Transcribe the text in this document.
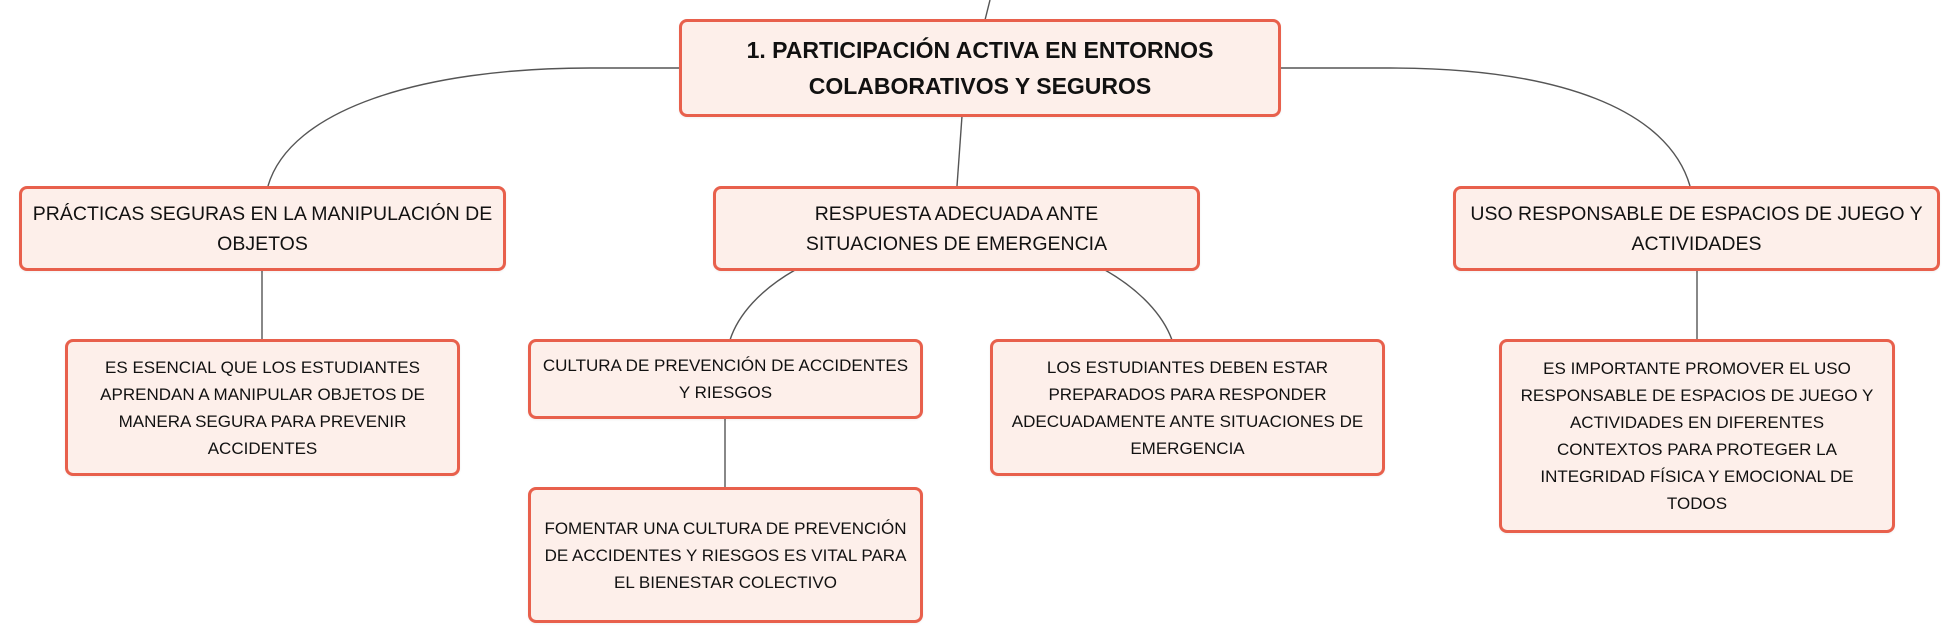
1. PARTICIPACIÓN ACTIVA EN ENTORNOS COLABORATIVOS Y SEGUROS
PRÁCTICAS SEGURAS EN LA MANIPULACIÓN DE OBJETOS
RESPUESTA ADECUADA ANTE SITUACIONES DE EMERGENCIA
USO RESPONSABLE DE ESPACIOS DE JUEGO Y ACTIVIDADES
ES ESENCIAL QUE LOS ESTUDIANTES APRENDAN A MANIPULAR OBJETOS DE MANERA SEGURA PARA PREVENIR ACCIDENTES
CULTURA DE PREVENCIÓN DE ACCIDENTES Y RIESGOS
LOS ESTUDIANTES DEBEN ESTAR PREPARADOS PARA RESPONDER ADECUADAMENTE ANTE SITUACIONES DE EMERGENCIA
FOMENTAR UNA CULTURA DE PREVENCIÓN DE ACCIDENTES Y RIESGOS ES VITAL PARA EL BIENESTAR COLECTIVO
ES IMPORTANTE PROMOVER EL USO RESPONSABLE DE ESPACIOS DE JUEGO Y ACTIVIDADES EN DIFERENTES CONTEXTOS PARA PROTEGER LA INTEGRIDAD FÍSICA Y EMOCIONAL DE TODOS
